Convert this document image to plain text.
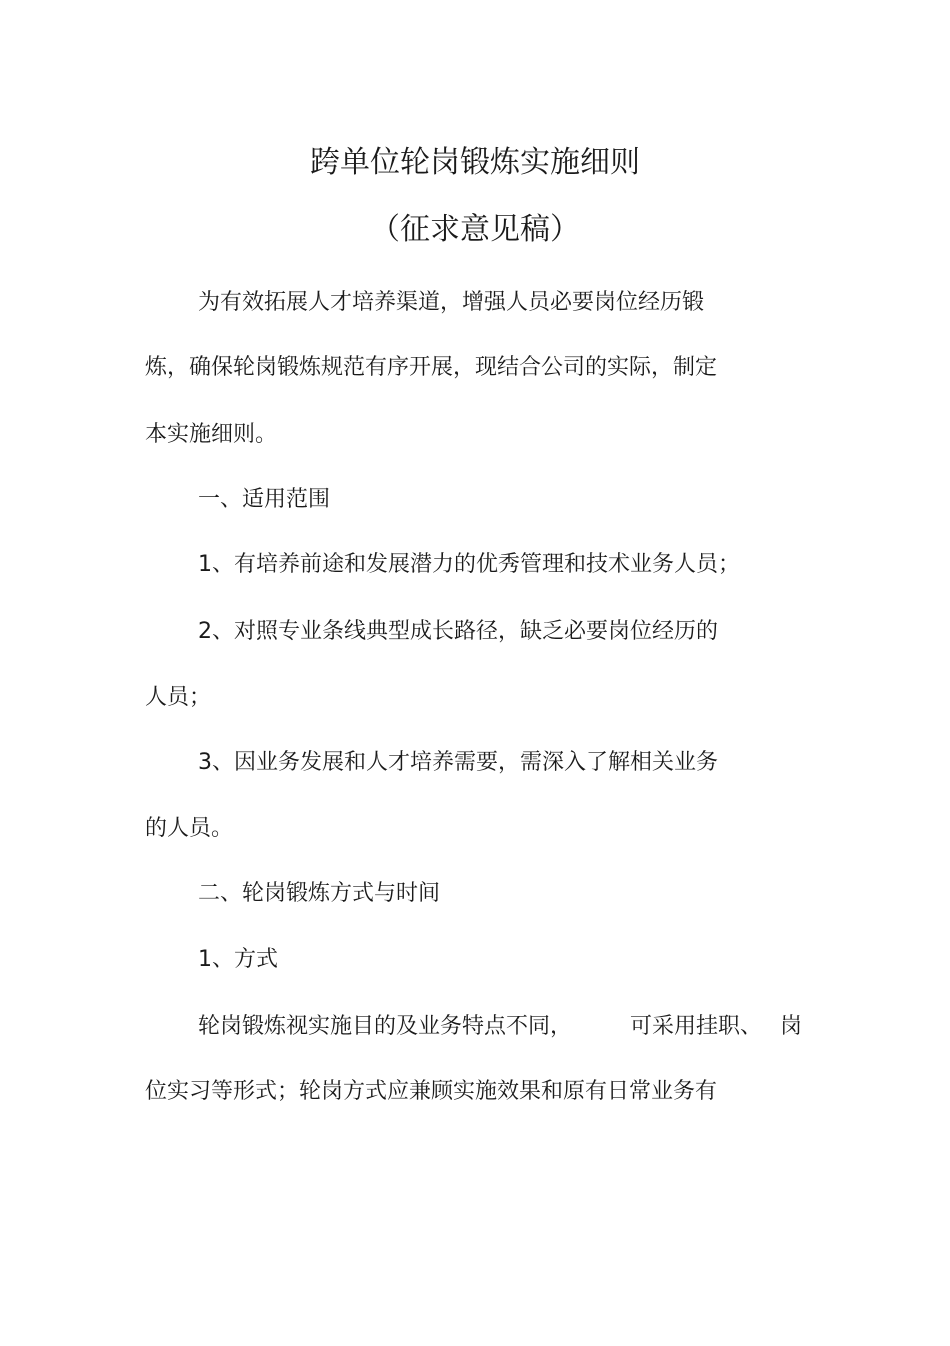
跨单位轮岗锻炼实施细则
（征求意见稿）
为有效拓展人才培养渠道，增强人员必要岗位经历锻
炼，确保轮岗锻炼规范有序开展，现结合公司的实际，制定
本实施细则。
一、适用范围
1、有培养前途和发展潜力的优秀管理和技术业务人员；
2、对照专业条线典型成长路径，缺乏必要岗位经历的
人员；
3、因业务发展和人才培养需要，需深入了解相关业务
的人员。
二、轮岗锻炼方式与时间
1、方式
轮岗锻炼视实施目的及业务特点不同，	可采用挂职、 岗
位实习等形式；轮岗方式应兼顾实施效果和原有日常业务有
